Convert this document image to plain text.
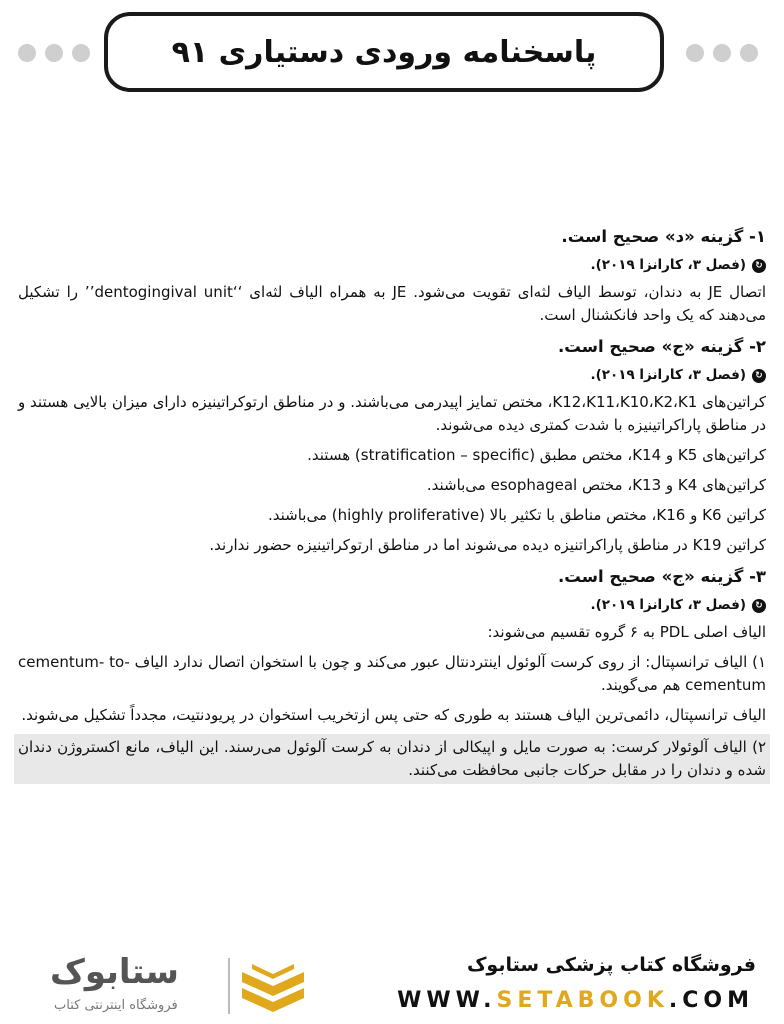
پاسخنامه ورودی دستیاری ۹۱
۱- گزینه «د» صحیح است.
↻
(فصل ۳، کارانزا ۲۰۱۹).
اتصال JE به دندان، توسط الیاف لثه‌ای تقویت می‌شود. JE به همراه الیاف لثه‌ای ‘‘dentogingival unit’’ را تشکیل می‌دهند که یک واحد فانکشنال است.
۲- گزینه «ج» صحیح است.
↻
(فصل ۳، کارانزا ۲۰۱۹).
کراتین‌های K12،K11،K10،K2،K1، مختص تمایز اپیدرمی می‌باشند. و در مناطق ارتوکراتینیزه دارای میزان بالایی هستند و در مناطق پاراکراتینیزه با شدت کمتری دیده می‌شوند.
کراتین‌های K5 و K14، مختص مطبق (stratification – specific) هستند.
کراتین‌های K4 و K13، مختص esophageal می‌باشند.
کراتین K6 و K16، مختص مناطق با تکثیر بالا (highly proliferative) می‌باشند.
کراتین K19 در مناطق پاراکراتنیزه دیده می‌شوند اما در مناطق ارتوکراتینیزه حضور ندارند.
۳- گزینه «ج» صحیح است.
↻
(فصل ۳، کارانزا ۲۰۱۹).
الیاف اصلی PDL به ۶ گروه تقسیم می‌شوند:
۱) الیاف ترانسپتال: از روی کرست آلوئول اینتردنتال عبور می‌کند و چون با استخوان اتصال ندارد الیاف cementum- to- cementum هم می‌گویند.
الیاف ترانسپتال، دائمی‌ترین الیاف هستند به طوری که حتی پس ازتخریب استخوان در پریودنتیت، مجدداً تشکیل می‌شوند.
۲) الیاف آلوئولار کرست: به صورت مایل و اپیکالی از دندان به کرست آلوئول می‌رسند. این الیاف، مانع اکستروژن دندان شده و دندان را در مقابل حرکات جانبی محافظت می‌کنند.
ستابوک
فروشگاه اینترنتی کتاب
فروشگاه کتاب پزشکی ستابوک
WWW.SETABOOK.COM
